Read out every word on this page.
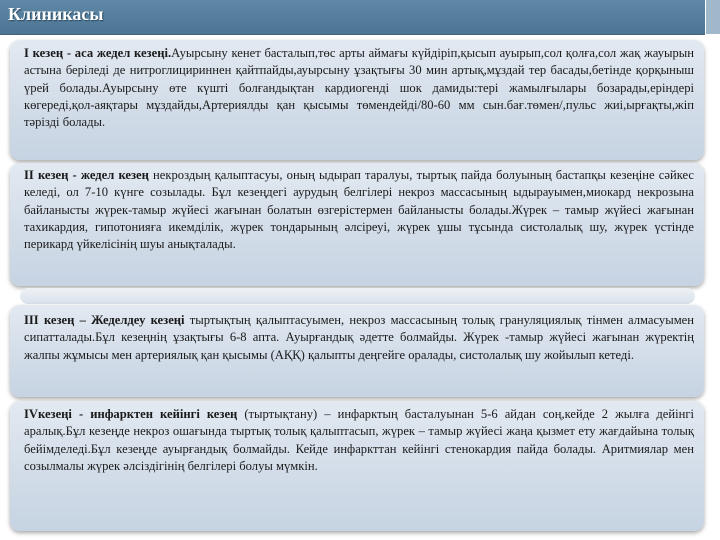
Клиникасы
I кезең - аса жедел кезеңі.Ауырсыну кенет басталып,төс арты аймағы күйдіріп,қысып ауырып,сол қолға,сол жақ жауырын астына беріледі де нитроглицириннен қайтпайды,ауырсыну ұзақтығы 30 мин артық,мұздай тер басады,бетінде қорқыныш үрей болады.Ауырсыну өте күшті болғандықтан кардиогенді шок дамиды:тері жамылғылары бозарады,еріндері көгереді,қол-аяқтары мұздайды,Артериялды қан қысымы төмендейді/80-60 мм сын.бағ.төмен/,пульс жиі,ырғақты,жіп тәрізді болады.
II кезең - жедел кезең некроздың қалыптасуы, оның ыдырап таралуы, тыртық пайда болуының бастапқы кезеңіне сәйкес келеді, ол 7-10 күнге созылады. Бұл кезеңдегі аурудың белгілері некроз массасының ыдырауымен,миокард некрозына байланысты жүрек-тамыр жүйесі жағынан болатын өзгерістермен байланысты болады.Жүрек – тамыр жүйесі жағынан тахикардия, гипотонияға икемділік, жүрек тондарының әлсіреуі, жүрек ұшы тұсында систолалық шу, жүрек үстінде перикард үйкелісінің шуы анықталады.
III кезең – Жеделдеу кезеңі тыртықтың қалыптасуымен, некроз массасының толық грануляциялық тінмен алмасуымен сипатталады.Бұл кезеңнің ұзақтығы 6-8 апта. Ауырғандық әдетте болмайды. Жүрек -тамыр жүйесі жағынан жүректің жалпы жұмысы мен артериялық қан қысымы (АҚҚ) қалыпты деңгейге оралады, систолалық шу жойылып кетеді.
IVкезеңі - инфарктен кейінгі кезең (тыртықтану) – инфарктың басталуынан 5-6 айдан соң,кейде 2 жылға дейінгі аралық.Бұл кезеңде некроз ошағында тыртық толық қалыптасып, жүрек – тамыр жүйесі жаңа қызмет ету жағдайына толық бейімделеді.Бұл кезеңде ауырғандық болмайды. Кейде инфаркттан кейінгі стенокардия пайда болады. Аритмиялар мен созылмалы жүрек әлсіздігінің белгілері болуы мүмкін.
